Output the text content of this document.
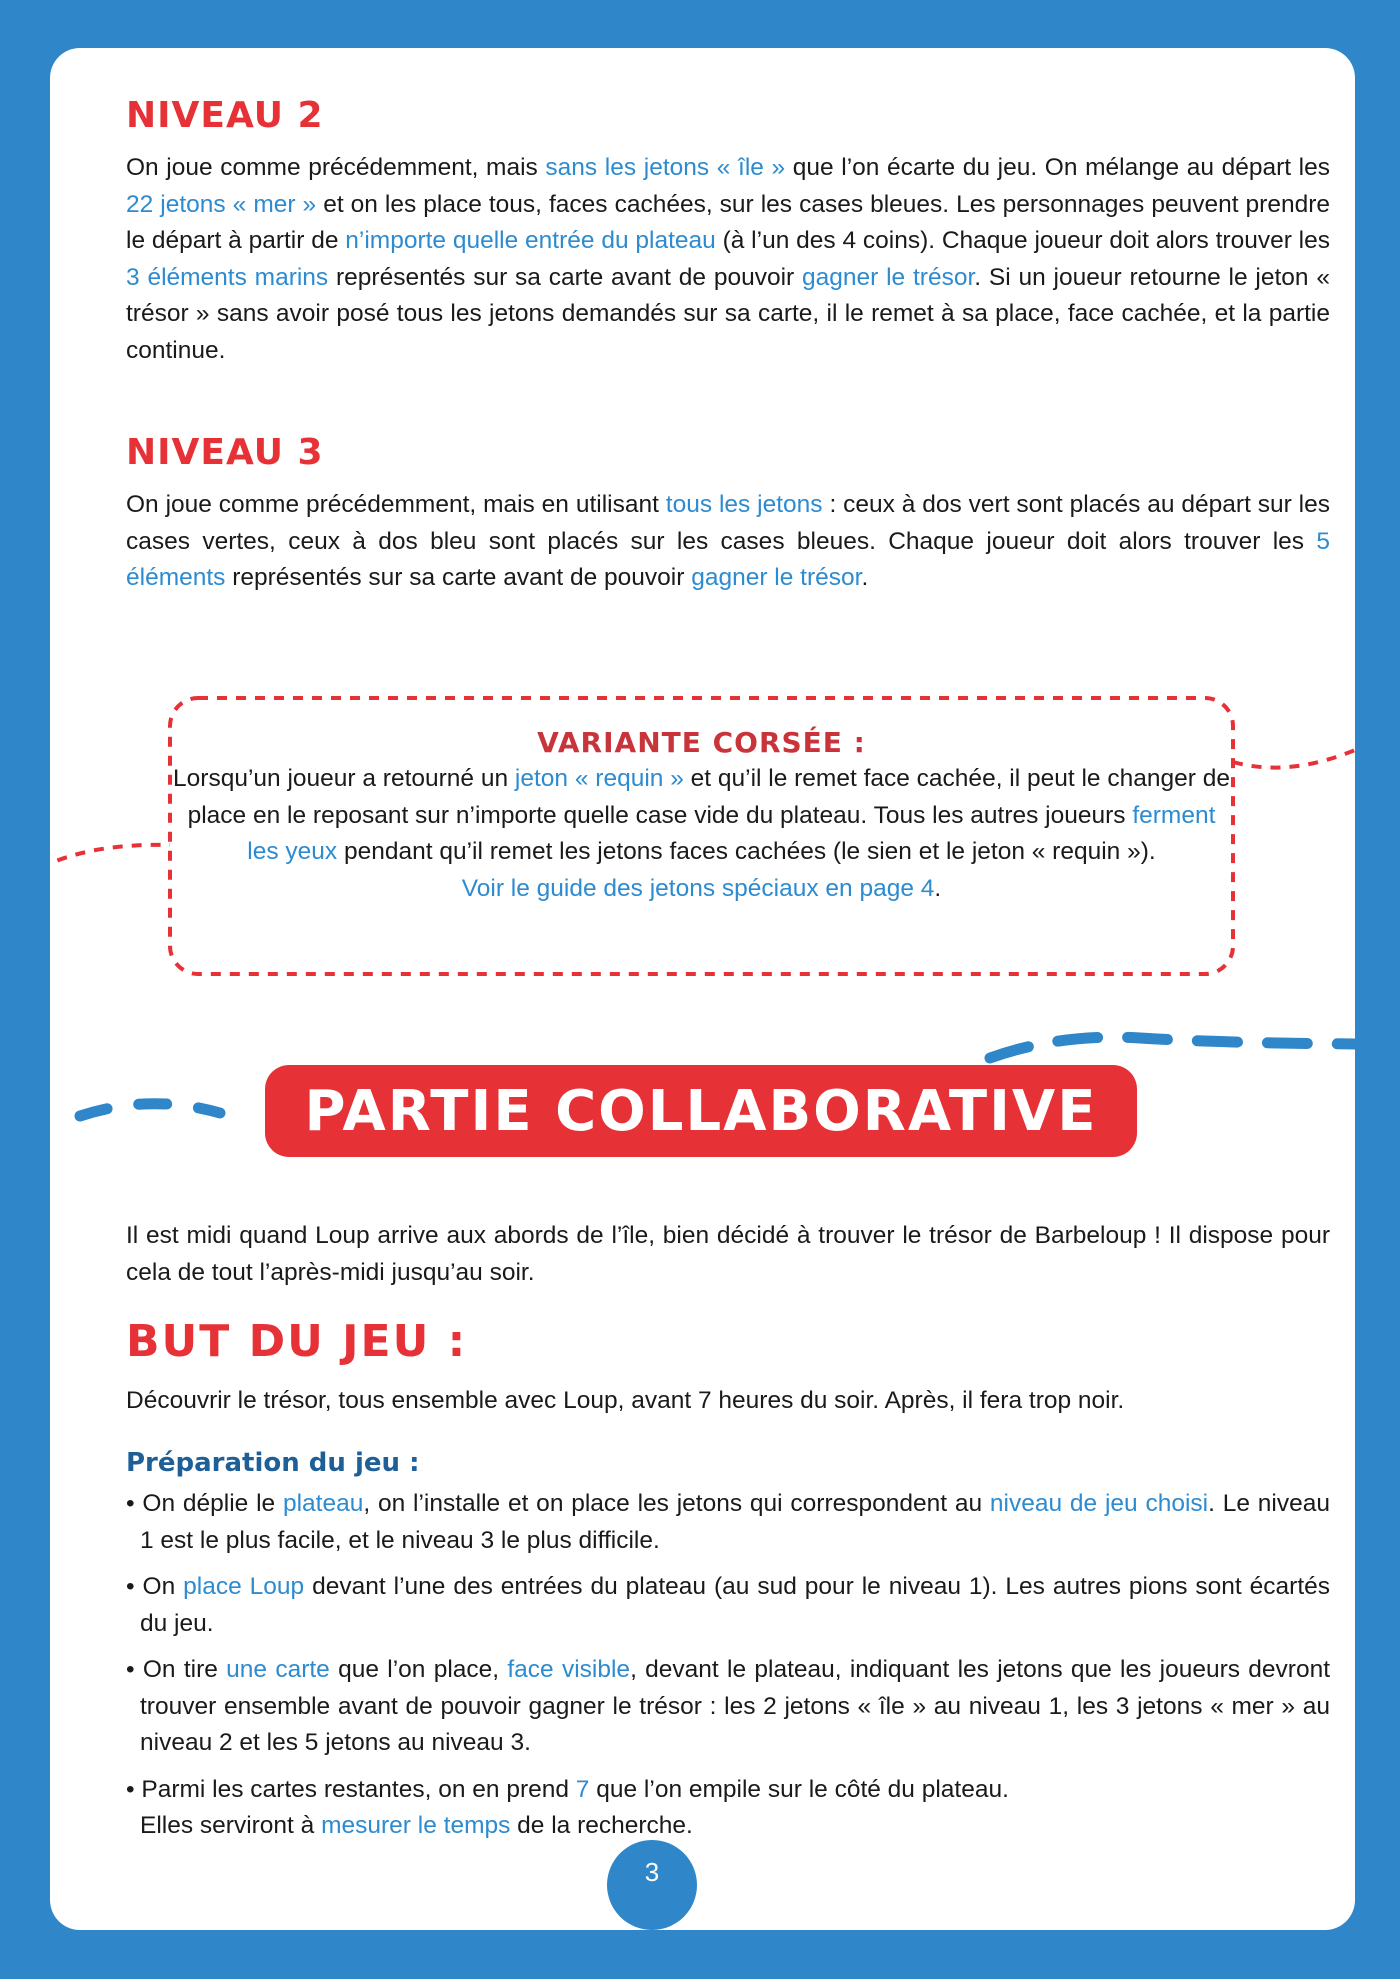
NIVEAU 2

On joue comme précédemment, mais sans les jetons « île » que l’on écarte du jeu. On mélange au départ les 22 jetons « mer » et on les place tous, faces cachées, sur les cases bleues. Les personnages peuvent prendre le départ à partir de n’importe quelle entrée du plateau (à l’un des 4 coins). Chaque joueur doit alors trouver les 3 éléments marins représentés sur sa carte avant de pouvoir gagner le trésor. Si un joueur retourne le jeton « trésor » sans avoir posé tous les jetons demandés sur sa carte, il le remet à sa place, face cachée, et la partie continue.

NIVEAU 3

On joue comme précédemment, mais en utilisant tous les jetons : ceux à dos vert sont placés au départ sur les cases vertes, ceux à dos bleu sont placés sur les cases bleues. Chaque joueur doit alors trouver les 5 éléments représentés sur sa carte avant de pouvoir gagner le trésor.

VARIANTE CORSÉE :
Lorsqu’un joueur a retourné un jeton « requin » et qu’il le remet face cachée, il peut le changer de place en le reposant sur n’importe quelle case vide du plateau. Tous les autres joueurs ferment les yeux pendant qu’il remet les jetons faces cachées (le sien et le jeton « requin »).
Voir le guide des jetons spéciaux en page 4.
PARTIE COLLABORATIVE

Il est midi quand Loup arrive aux abords de l’île, bien décidé à trouver le trésor de Barbeloup ! Il dispose pour cela de tout l’après-midi jusqu’au soir.

BUT DU JEU :

Découvrir le trésor, tous ensemble avec Loup, avant 7 heures du soir. Après, il fera trop noir.

Préparation du jeu :

• On déplie le plateau, on l’installe et on place les jetons qui correspondent au niveau de jeu choisi. Le niveau 1 est le plus facile, et le niveau 3 le plus difficile.

• On place Loup devant l’une des entrées du plateau (au sud pour le niveau 1). Les autres pions sont écartés du jeu.

• On tire une carte que l’on place, face visible, devant le plateau, indiquant les jetons que les joueurs devront trouver ensemble avant de pouvoir gagner le trésor : les 2 jetons « île » au niveau 1, les 3 jetons « mer » au niveau 2 et les 5 jetons au niveau 3.

• Parmi les cartes restantes, on en prend 7 que l’on empile sur le côté du plateau.
Elles serviront à mesurer le temps de la recherche.

3
